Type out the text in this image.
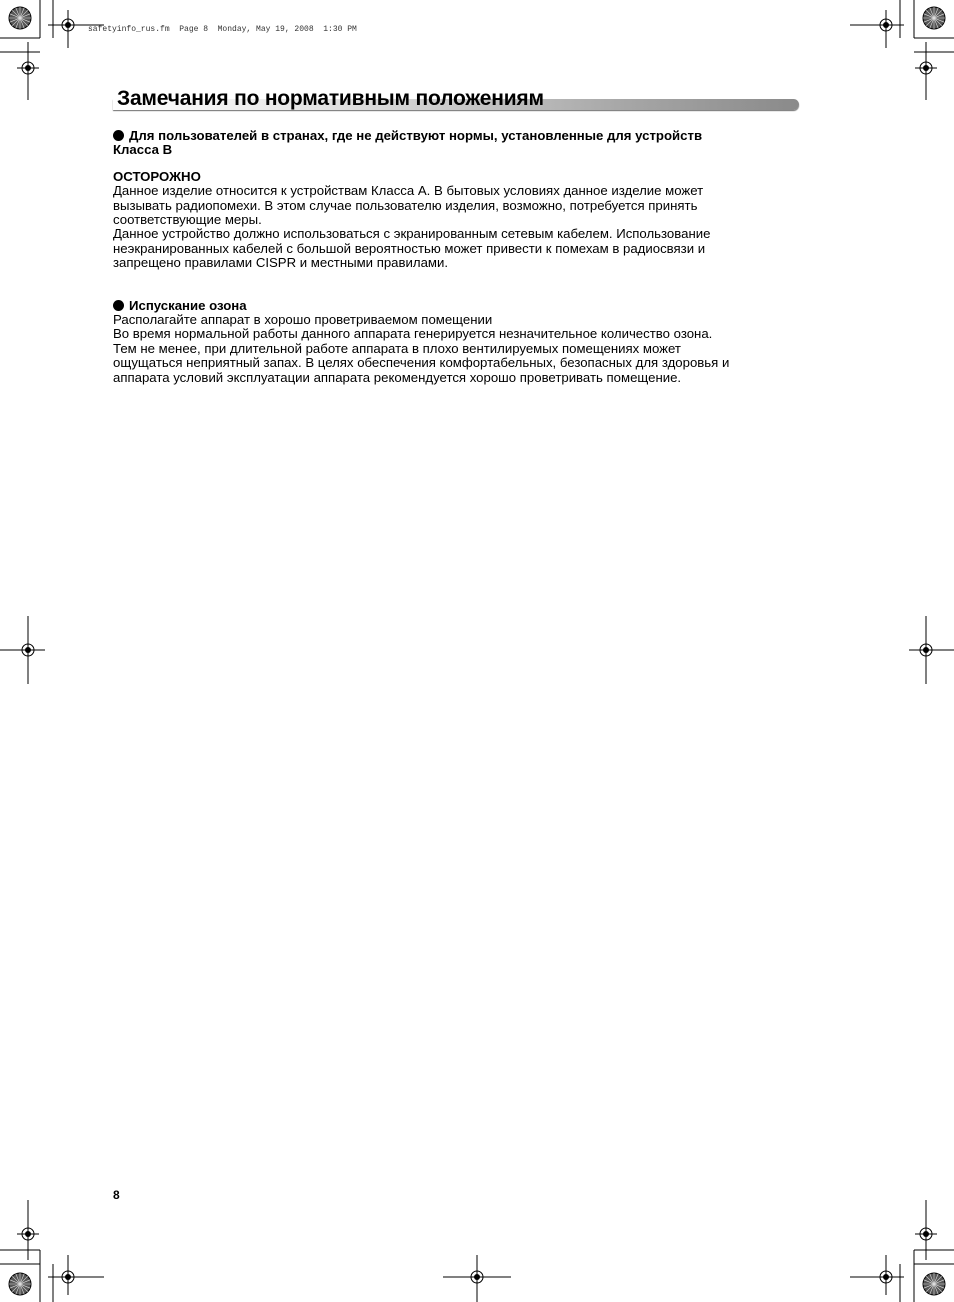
safetyinfo_rus.fm  Page 8  Monday, May 19, 2008  1:30 PM
Замечания по нормативным положениям
Для пользователей в странах, где не действуют нормы, установленные для устройств
Класса B
ОСТОРОЖНО
Данное изделие относится к устройствам Класса A. В бытовых условиях данное изделие может
вызывать радиопомехи. В этом случае пользователю изделия, возможно, потребуется принять
соответствующие меры.
Данное устройство должно использоваться с экранированным сетевым кабелем. Использование
неэкранированных кабелей с большой вероятностью может привести к помехам в радиосвязи и
запрещено правилами CISPR и местными правилами.
Испускание озона
Располагайте аппарат в хорошо проветриваемом помещении
Во время нормальной работы данного аппарата генерируется незначительное количество озона.
Тем не менее, при длительной работе аппарата в плохо вентилируемых помещениях может
ощущаться неприятный запах. В целях обеспечения комфортабельных, безопасных для здоровья и
аппарата условий эксплуатации аппарата рекомендуется хорошо проветривать помещение.
8
